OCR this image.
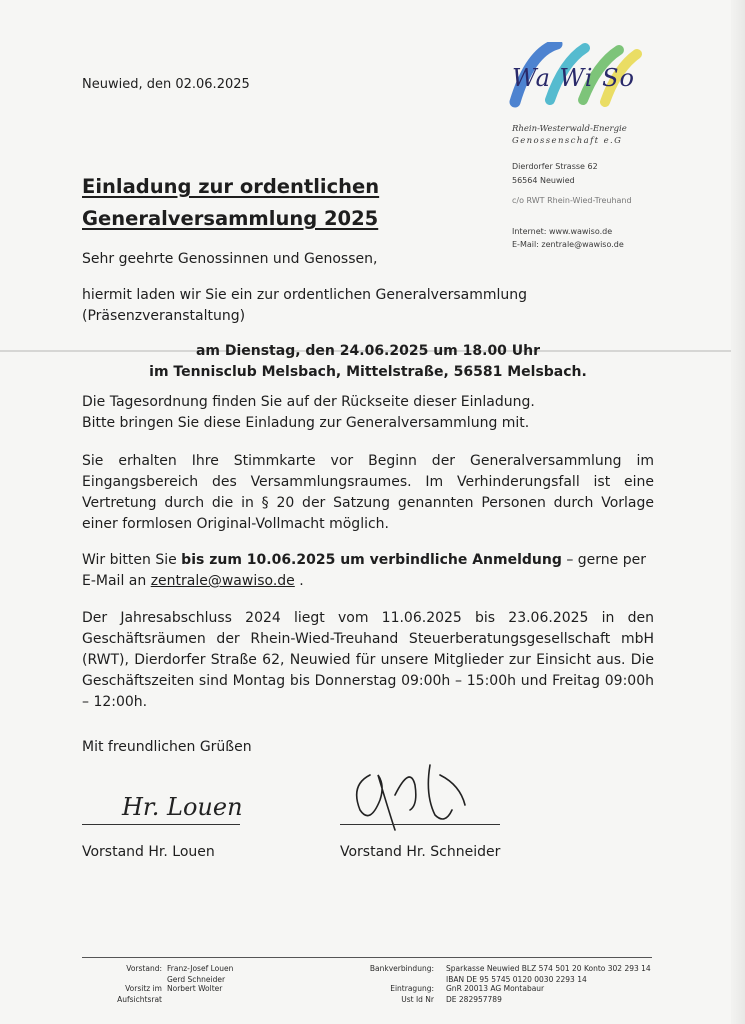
Neuwied, den 02.06.2025	Wa Wi So
Rhein-Westerwald-Energie
Genossenschaft e.G
Dierdorfer Strasse 62
56564 Neuwied
c/o RWT Rhein-Wied-Treuhand
Internet: www.wawiso.de
E-Mail: zentrale@wawiso.de
Einladung zur ordentlichen
Generalversammlung 2025
Sehr geehrte Genossinnen und Genossen,
hiermit laden wir Sie ein zur ordentlichen Generalversammlung
(Präsenzveranstaltung)
am Dienstag, den 24.06.2025 um 18.00 Uhr
im Tennisclub Melsbach, Mittelstraße, 56581 Melsbach.
Die Tagesordnung finden Sie auf der Rückseite dieser Einladung.
Bitte bringen Sie diese Einladung zur Generalversammlung mit.
Sie erhalten Ihre Stimmkarte vor Beginn der Generalversammlung im Eingangsbereich des Versammlungsraumes. Im Verhinderungsfall ist eine Vertretung durch die in § 20 der Satzung genannten Personen durch Vorlage einer formlosen Original-Vollmacht möglich.
Wir bitten Sie bis zum 10.06.2025 um verbindliche Anmeldung – gerne per E-Mail an zentrale@wawiso.de .
Der Jahresabschluss 2024 liegt vom 11.06.2025 bis 23.06.2025 in den Geschäftsräumen der Rhein-Wied-Treuhand Steuerberatungsgesellschaft mbH (RWT), Dierdorfer Straße 62, Neuwied für unsere Mitglieder zur Einsicht aus. Die Geschäftszeiten sind Montag bis Donnerstag 09:00h – 15:00h und Freitag 09:00h – 12:00h.
Mit freundlichen Grüßen
Hr. Louen
Vorstand Hr. Louen	Vorstand Hr. Schneider
Vorstand: Franz-Josef Louen
Gerd Schneider
Vorsitz im Aufsichtsrat
Norbert Wolter
Bankverbindung: Sparkasse Neuwied BLZ 574 501 20 Konto 302 293 14
IBAN DE 95 5745 0120 0030 2293 14
Eintragung:
Ust Id Nr
GnR 20013 AG Montabaur
DE 282957789
